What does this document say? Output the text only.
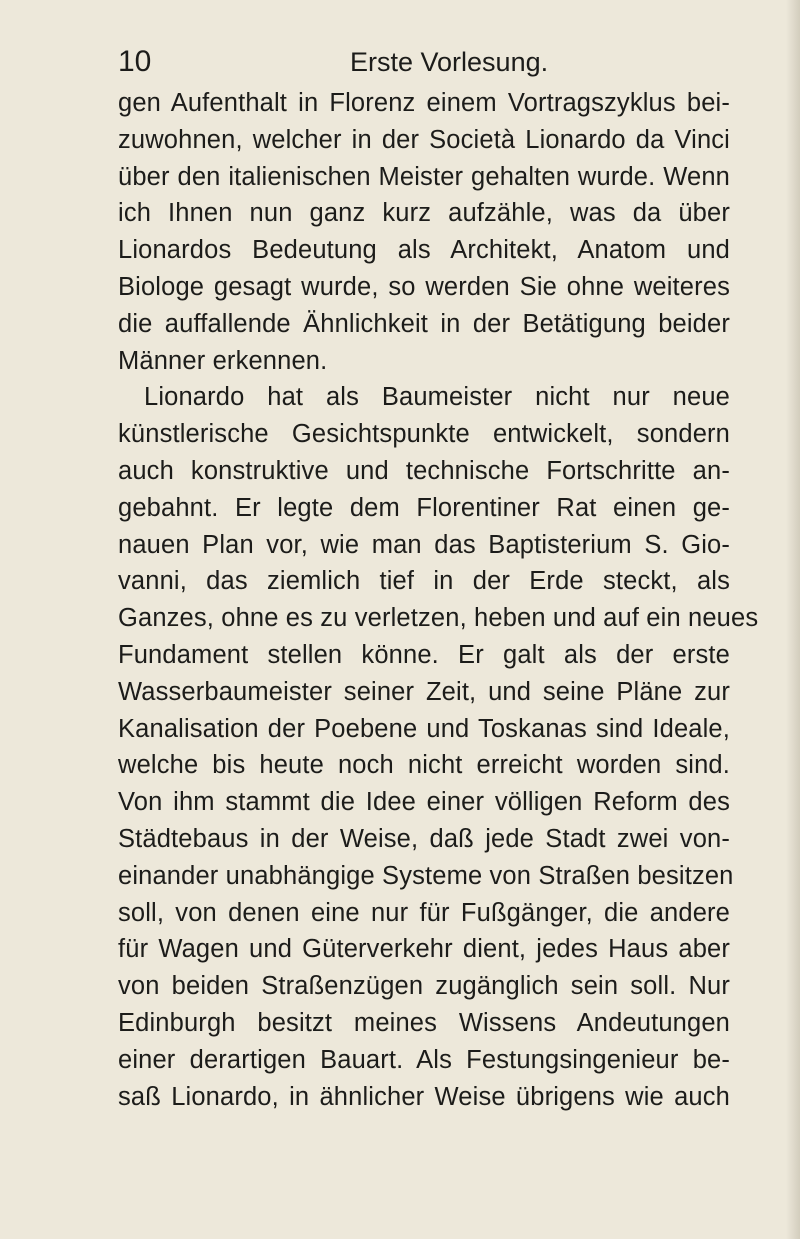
10	Erste Vorlesung.
gen Aufenthalt in Florenz einem Vortragszyklus bei-
zuwohnen, welcher in der Società Lionardo da Vinci
über den italienischen Meister gehalten wurde. Wenn
ich Ihnen nun ganz kurz aufzähle, was da über
Lionardos Bedeutung als Architekt, Anatom und
Biologe gesagt wurde, so werden Sie ohne weiteres
die auffallende Ähnlichkeit in der Betätigung beider
Männer erkennen.
Lionardo hat als Baumeister nicht nur neue
künstlerische Gesichtspunkte entwickelt, sondern
auch konstruktive und technische Fortschritte an-
gebahnt. Er legte dem Florentiner Rat einen ge-
nauen Plan vor, wie man das Baptisterium S. Gio-
vanni, das ziemlich tief in der Erde steckt, als
Ganzes, ohne es zu verletzen, heben und auf ein neues
Fundament stellen könne. Er galt als der erste
Wasserbaumeister seiner Zeit, und seine Pläne zur
Kanalisation der Poebene und Toskanas sind Ideale,
welche bis heute noch nicht erreicht worden sind.
Von ihm stammt die Idee einer völligen Reform des
Städtebaus in der Weise, daß jede Stadt zwei von-
einander unabhängige Systeme von Straßen besitzen
soll, von denen eine nur für Fußgänger, die andere
für Wagen und Güterverkehr dient, jedes Haus aber
von beiden Straßenzügen zugänglich sein soll. Nur
Edinburgh besitzt meines Wissens Andeutungen
einer derartigen Bauart. Als Festungsingenieur be-
saß Lionardo, in ähnlicher Weise übrigens wie auch
